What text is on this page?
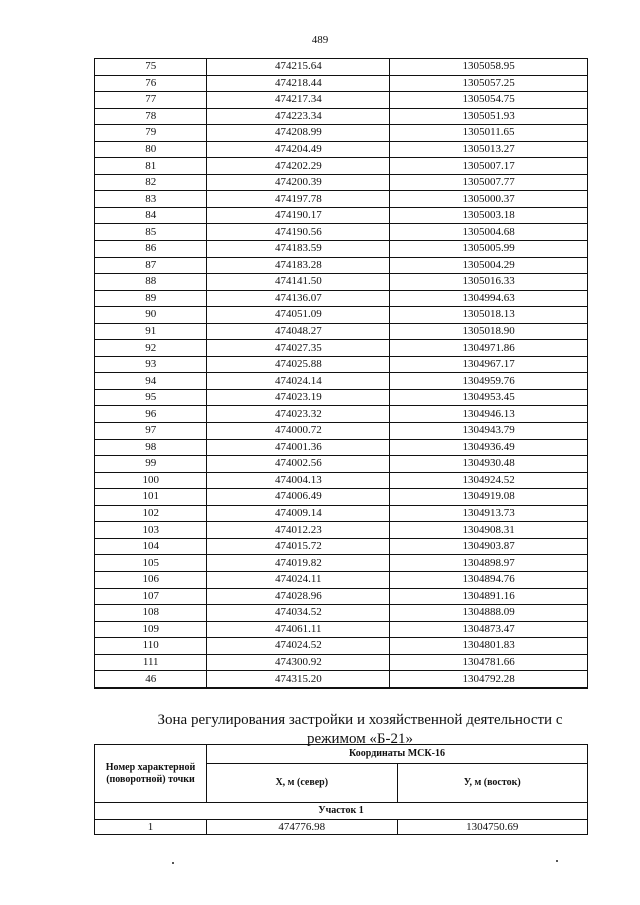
489
75	474215.64	1305058.95
76	474218.44	1305057.25
77	474217.34	1305054.75
78	474223.34	1305051.93
79	474208.99	1305011.65
80	474204.49	1305013.27
81	474202.29	1305007.17
82	474200.39	1305007.77
83	474197.78	1305000.37
84	474190.17	1305003.18
85	474190.56	1305004.68
86	474183.59	1305005.99
87	474183.28	1305004.29
88	474141.50	1305016.33
89	474136.07	1304994.63
90	474051.09	1305018.13
91	474048.27	1305018.90
92	474027.35	1304971.86
93	474025.88	1304967.17
94	474024.14	1304959.76
95	474023.19	1304953.45
96	474023.32	1304946.13
97	474000.72	1304943.79
98	474001.36	1304936.49
99	474002.56	1304930.48
100	474004.13	1304924.52
101	474006.49	1304919.08
102	474009.14	1304913.73
103	474012.23	1304908.31
104	474015.72	1304903.87
105	474019.82	1304898.97
106	474024.11	1304894.76
107	474028.96	1304891.16
108	474034.52	1304888.09
109	474061.11	1304873.47
110	474024.52	1304801.83
111	474300.92	1304781.66
46	474315.20	1304792.28
Зона регулирования застройки и хозяйственной деятельности с режимом «Б-21»
Номер характерной (поворотной) точки	Координаты МСК-16	
	Х, м (север)	У, м (восток)
Участок 1		
1	474776.98	1304750.69
